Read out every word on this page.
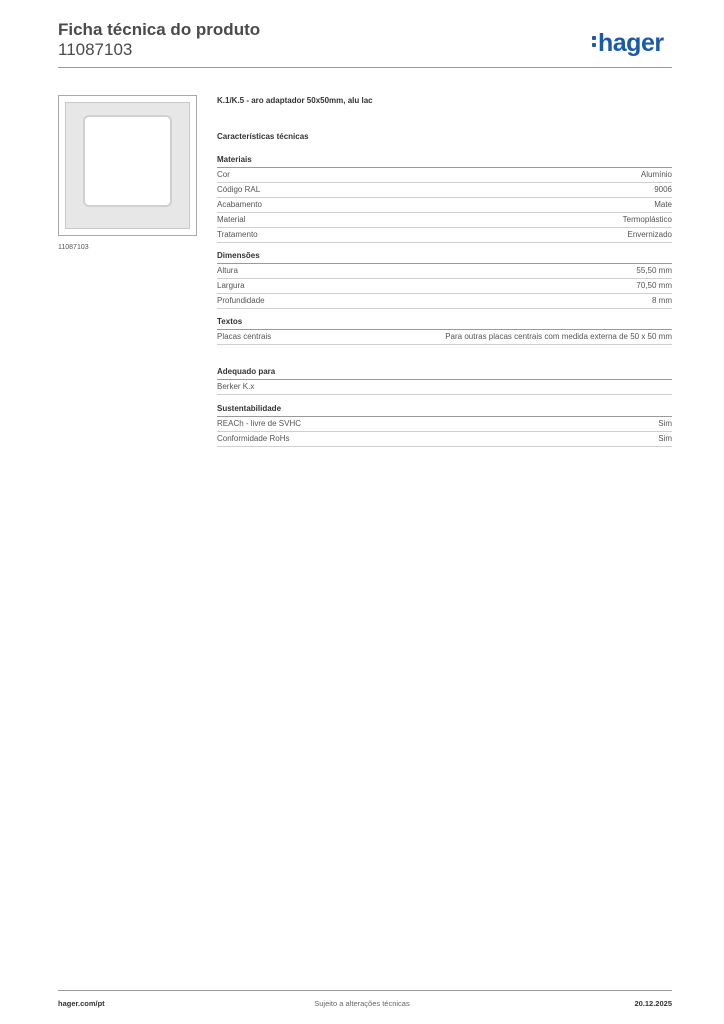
Ficha técnica do produto
11087103	hager
11087103
K.1/K.5 - aro adaptador 50x50mm, alu lac
Características técnicas
Materiais
Cor	Alumínio
Código RAL	9006
Acabamento	Mate
Material	Termoplástico
Tratamento	Envernizado
Dimensões
Altura	55,50 mm
Largura	70,50 mm
Profundidade	8 mm
Textos
Placas centrais	Para outras placas centrais com medida externa de 50 x 50 mm
Adequado para
Berker K.x
Sustentabilidade
REACh - livre de SVHC	Sim
Conformidade RoHs	Sim
hager.com/pt	Sujeito a alterações técnicas	20.12.2025
